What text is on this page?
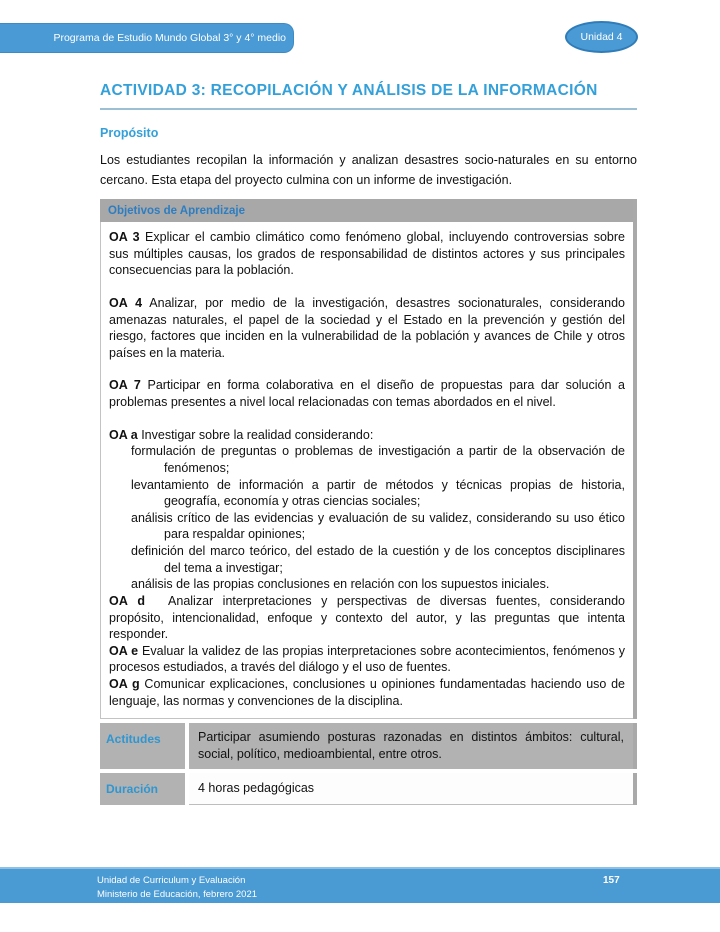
Programa de Estudio Mundo Global 3° y 4° medio	Unidad 4
ACTIVIDAD 3: RECOPILACIÓN Y ANÁLISIS DE LA INFORMACIÓN
Propósito

Los estudiantes recopilan la información y analizan desastres socio-naturales en su entorno cercano. Esta etapa del proyecto culmina con un informe de investigación.

Objetivos de Aprendizaje

OA 3 Explicar el cambio climático como fenómeno global, incluyendo controversias sobre sus múltiples causas, los grados de responsabilidad de distintos actores y sus principales consecuencias para la población.

OA 4 Analizar, por medio de la investigación, desastres socionaturales, considerando amenazas naturales, el papel de la sociedad y el Estado en la prevención y gestión del riesgo, factores que inciden en la vulnerabilidad de la población y avances de Chile y otros países en la materia.

OA 7 Participar en forma colaborativa en el diseño de propuestas para dar solución a problemas presentes a nivel local relacionadas con temas abordados en el nivel.

OA a Investigar sobre la realidad considerando:

formulación de preguntas o problemas de investigación a partir de la observación de fenómenos;

levantamiento de información a partir de métodos y técnicas propias de historia, geografía, economía y otras ciencias sociales;

análisis crítico de las evidencias y evaluación de su validez, considerando su uso ético para respaldar opiniones;

definición del marco teórico, del estado de la cuestión y de los conceptos disciplinares del tema a investigar;

análisis de las propias conclusiones en relación con los supuestos iniciales.

OA d Analizar interpretaciones y perspectivas de diversas fuentes, considerando propósito, intencionalidad, enfoque y contexto del autor, y las preguntas que intenta responder.

OA e Evaluar la validez de las propias interpretaciones sobre acontecimientos, fenómenos y procesos estudiados, a través del diálogo y el uso de fuentes.

OA g Comunicar explicaciones, conclusiones u opiniones fundamentadas haciendo uso de lenguaje, las normas y convenciones de la disciplina.

Actitudes	Participar asumiendo posturas razonadas en distintos ámbitos: cultural, social, político, medioambiental, entre otros.
Duración	4 horas pedagógicas
Unidad de Curriculum y Evaluación
Ministerio de Educación, febrero 2021
157
